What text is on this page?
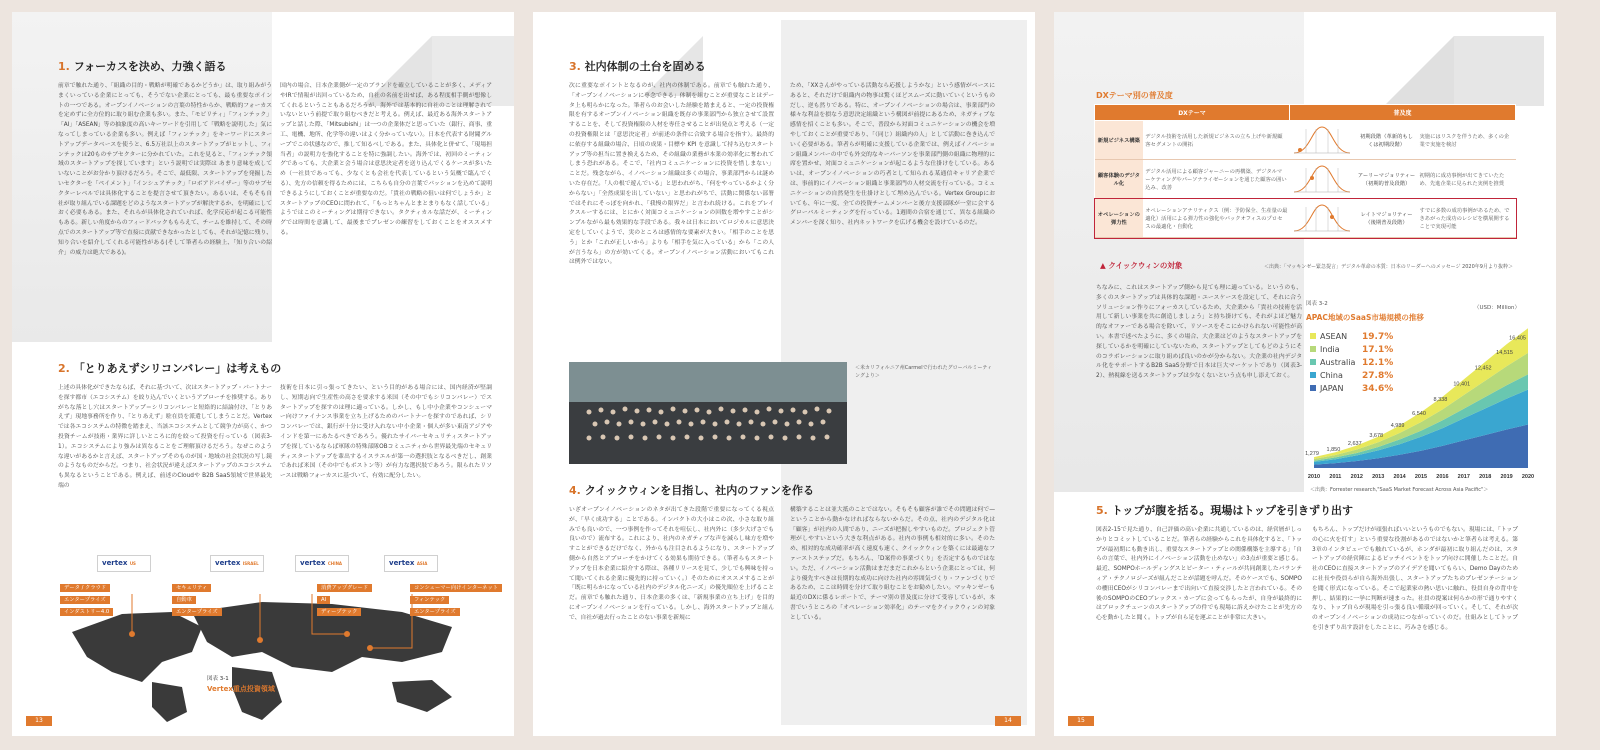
1. フォーカスを決め、力強く語る
前章で触れた通り、「組織の目的・戦略が明確であるかどうか」は、取り組みがうまくいっている企業にとっても、そうでない企業にとっても、最も重要なポイントの一つである。オープンイノベーションの言葉の特性からか、戦略的フォーカスを定めずに全方位的に取り組む企業も多い。また、「モビリティ」「フィンテック」「AI」「ASEAN」等の抽象度の高いキーワードを引用して「戦略を説明した」気になってしまっている企業も多い。例えば「フィンテック」をキーワードにスタートアップデータベースを使うと、6.5万社以上のスタートアップがヒットし、フィンテックは20ものサブセクターに分かれていた。これを見ると、「フィンテック領域のスタートアップを探しています」という説明では実際は あまり意味を成していないことがお分かり頂けるだろう。そこで、最低限、スタートアップを発掘したいセクターを「ペイメント」「インシュアテック」「ロボアドバイザー」等のサブセクターレベルでは具体化することを提言させて頂きたい。あるいは、そもそも自社が取り組んでいる課題をどのようなスタートアップが解決するか、を明確にしておく必要もある。また、それらが具体化されていれば、化学反応が起こる可能性もある。新しい角度からのフィードバックももらえて、チームを維持して、その時点でのスタートアップ等で直接に貢献できなかったとしても、それが記憶に残り、知り合いを紹介してくれる可能性がある(そして筆者らの経験上、「知り合いの紹介」の威力は絶大である)。
国内の場合、日本企業側が一定のブランドを確立していることが多く、メディアやIRで情報が出回っているため、自社の名前を出せば、ある程度相手側が想像してくれるということもあるだろうが、海外では基本的に自社のことは理解されていないという前提で取り組むべきだと考える。例えば、最近ある海外スタートアップと話した際、「Mitsubishi」は一つの企業体だと思っていた（銀行、商事、重工、電機、地所、化学等の違いはよく分かっていない）。日本を代表する財閥グループでこの状態なので、推して知るべしである。また、具体化と併せて、「現場担当者」の説明力を強化することを特に強調したい。海外では、初回のミーティングであっても、大企業と会う場合は意思決定者を送り込んでくるケースが多いため（一社員であっても、少なくとも会社を代表しているという気概で臨んでくる）、先方の信頼を得るためには、こちらも自分の言葉でパッションを込めて説明できるようにしておくことが重要なのだ。「貴社の戦略の狙いは何でしょうか」とスタートアップのCEOに問われて、「もっとちゃんとまとまりもなく話している」ようではこのミーティングは期待できない。タクティカルな話だが、ミーティングでは時間を意識して、最後までプレゼンの練習をしておくことをオススメする。
2. 「とりあえずシリコンバレー」は考えもの
上述の具体化ができたならば、それに基づいて、次はスタートアップ・パートナーを探す都市（エコシステム）を絞り込んでいくというアプローチを推奨する。ありがちな落とし穴はスタートアップ＝シリコンバレーと短絡的に結論付け、「とりあえず」現地事務所を作り、「とりあえず」駐在員を派遣してしまうことだ。Vertexでは各エコシステムの特徴を踏まえ、当該エコシステムとして競争力が高く、かつ投資チームが技術・業界に詳しいところに的を絞って投資を行っている（図表3-1）。エコシステムにより強みは異なることをご理解頂けるだろう。なぜこのような違いがあるかと言えば、スタートアップそのものが国・地域の社会状況の写し鏡のようなものだからだ。つまり、社会状況が違えばスタートアップのエコシステムも異なるということである。例えば、前述のCloudや B2B SaaS領域で世界最先端の
技術を日本に引っ張ってきたい、という目的がある場合には、国内経済が堅調し、短期志向で生産性の高さを要求する米国（その中でもシリコンバレー）でスタートアップを探すのは理に適っている。しかし、もし中小企業やコンシューマー向けファイナンス事業を立ち上げるためのパートナーを探すのであれば、シリコンバレーでは、銀行が十分に受け入れない中小企業・個人が多い東南アジアやインドを第一にあたるべきであろう。優れたサイバーセキュリティスタートアップを探しているならば軍隊の特殊部隊OBコミュニティから世界最先端のセキュリティスタートアップを輩出するイスラエルが第一の選択肢となるべきだし、創業であれば米国（その中でもボストン等）が有力な選択肢であろう。限られたリソースは戦略フォーカスに基づいて、有効に配分したい。
vertex US	vertex ISRAEL	vertex CHINA	vertex ASIA
データ / クラウド
エンタープライズ
インダストリー4.0
セキュリティ
自動車
エンタープライズ
消費アップグレード
AI
ディープテック
コンシューマー向けインターネット
フィンテック
エンタープライズ
図表 3-1
Vertex重点投資領域
13
3. 社内体制の土台を固める
次に重要なポイントとなるのが、社内の体制である。前章でも触れた通り、「オープンイノベーションに専念できる」体制を組むことが重要なことはデータ上も明らかになった。筆者らのお会いした経験を踏まえると、一定の投資権限を有するオープンイノベーション組織を既存の事業部門から独立させて設置することを、そして投資権限の人材を専任させることが出発点と考える（一定の投資権限とは「意思決定者」が前述の条件に合致する場合を指す）。最終的に依存する組織の場合、日頃の成果・目標や KPI を意識して持ち込むスタートアップ等の担当に置き換えるため、その組織の業務が本業の効率化に奪われてしまう恐れがある。そこで、「社内コミュニケーションに投資を惜しまない」ことだ。残念ながら、イノベーション組織は多くの場合、事業部門からは謎めいた存在だ。「人の根で遊んでいる」と思われがち、「何をやっているかよく分からない」「全然成果を出していない」と思われがちで、活動に関係ない部署ではそれにそっぽを向かれ、「我慢の限界だ」と言われ続ける。これをブレイクスルーするには、とにかく対面コミュニケーションの回数を増やすことがシンプルながら最も効果的な手段である。我々は日本においてロジカルに意思決定をしていくようで、実のところは感情的な要素が大きい。「相手のことを思う」とか「これが正しいから」よりも「相手を気に入っている」から「この人が言うなら」の方が効いてくる。オープンイノベーション活動においてもこれは例外ではない。
ため、「XXさんがやっている活動なら応援しようかな」という感情がベースにあると、それだけで組織内の物事は驚くほどスムーズに動いていくというものだし、逆も然りである。特に、オープンイノベーションの場合は、事業部門の様々な利益を損なう意思決定組織という構図が前提にあるため、ネガティブな感情を招くことも多い。そこで、普段から対面コミュニケーションの機会を増やしておくことが重要であり、「（同じ）組織内の人」として活動に巻き込んでいく必要がある。筆者らが明確に支援している企業では、例えばイノベーション組織メンバーの中でも外交的なキーパーソンを事業部門側の組織に物理的に席を置かせ、対面コミュニケーションが起こるような仕掛けをしている。あるいは、オープンイノベーションの巧者として知られる某通信キャリア企業では、事前的にイノベーション組織と事業部門の人材交流を行っている。コミュニケーションの自然発生を仕掛けとして埋め込んでいる。Vertex Groupにおいても、年に一度、全ての投資チームメンバーと後方支援部隊が一堂に会するグローバルミーティングを行っている。1週間の合宿を通じて、異なる組織のメンバーを深く知り、社内ネットワークを広げる機会を設けているのだ。
＜米カリフォルニア州Carmelで行われたグローバルミーティングより＞
4. クイックウィンを目指し、社内のファンを作る
いざオープンイノベーションのネタが出てきた段階で重要になってくる視点が、「早く成功する」ことである。インパクトの大小はこの次、小さな取り組みでも良いので、一つ事例を作ってそれを喧伝し、社内外に（多少大げさでも良いので）流布する。これにより、社内のネガティブな声を減らし味方を増やすことができるだけでなく、外からも注目されるようになり、スタートアップ側から自然とアプローチをかけてくる効果も期待できる。（筆者らもスタートアップを日本企業に紹介する際は、各種リリースを見て、少しでも興味を持って聞いてくれる企業に優先的に持っていく。）そのためにオススメすることが「既に明らかになっている社内のデジタル化ニーズ」の優先順位を上げることだ。前章でも触れた通り、日本企業の多くは、「新規事業の立ち上げ」を目的にオープンイノベーションを行っている。しかし、海外スタートアップと組んで、自社が過去行ったことのない事業を新規に
構築することは並大抵のことではない。そもそも顧客が誰でその問題は何で—ということから動かなければならないからだ。その点、社内のデジタル化は「顧客」が社内の人間であり、ニーズが把握しやすいものだ。プロジェクト管理がしやすいという大きな利点がある。社内の事例も相対的に多い。そのため、相対的な成功確率が高く速度も速く、クイックウィンを築くには最適なファーストステップだ。もちろん、「D案件の事業づくり」を否定するものではない。ただ、イノベーション活動はまだまだこれからという企業にとっては、何より優先すべきは長期的な成功に向けた社内の雰囲気づくり・ファンづくりであるため、ここは時間を分けて取り組むことをお勧めしたい。マッキンゼーも最近のDXに係るレポートで、テーマ別の普及度に分けて受容しているが、本書でいうところの「オペレーション効率化」のテーマをクイックウィンの対象としている。
14
DXテーマ別の普及度
DXテーマ		普及度		
新規ビジネス構築	デジタル技術を活用した新規ビジネスの立ち上げや新規顧客セグメントの開拓		初期段階（革新的もしくは初期段階）	実施にはリスクを伴うため、多くの企業で実施を検討
顧客体験のデジタル化	デジタル活用による顧客ジャーニーの再構築、デジタルマーケティングやパーソナライゼーションを通じた顧客の囲い込み、改善		アーリーマジョリティー（初期的普及段階）	初期的に成功事例が出てきていたため、先進企業に見られた実例を推奨
オペレーションの弾力性	オペレーションアナリティクス（例：予防保全、生産量の最適化）活用による弾力性の強化やバックオフィスのプロセスの最適化・自動化		レイトマジョリティー（後期普及段階）	すでに多数の成功事例があるため、できあがった成功のレシピを横展開することで実現可能
▲ クイックウィンの対象	＜出典：「マッキンゼー緊急提言」デジタル革命の本質：日本のリーダーへのメッセージ 2020年9月より抜粋＞
ちなみに、これはスタートアップ側から見ても理に適っている。というのも、多くのスタートアップは具体的な課題・ユースケースを設定して、それに合うソリューション作りにフォーカスしているため、大企業から「貴社の技術を活用して新しい事業を共に創造しましょう」と持ち掛けても、それがよほど魅力的なオファーである場合を除いて、リソースをそこにかけられない可能性が高い。本書で述べたように、多くの場合、大企業はどのようなスタートアップを探しているかを明確にしていないため、スタートアップとしてもどのようにそのコラボレーションに取り組めば良いのかが分からない。大企業の社内デジタル化をサポートするB2B SaaS分野で日本は巨大マーケットであり（図表3-2）、熱視線を送るスタートアップは少なくないという点も申し添えておく。
図表 3-2
（USD：Million）
APAC地域のSaaS市場規模の推移
1,279
1,850
2,637
3,678
4,989
6,540
8,338
10,401
12,452
14,515
16,405
2010 2011 2012 2013 2014 2015 2016 2017 2018 2019 2020
ASEAN 19.7%
India 17.1%
Australia 12.1%
China 27.8%
JAPAN 34.6%
＜出典：Forrester research,"SaaS Market Forecast Across Asia Pacific"＞
5. トップが腹を括る。現場はトップを引きずり出す
図表2-15で見た通り、自己評価の高い企業に共通しているのは、経営層がしっかりとコミットしていることだ。筆者らの経験からこれを具体化すると、「トップが最初期にも動き出し、重要なスタートアップとの関係構築を主導する」「自らの言葉で、社内外にイノベーション活動を止めない」の3点が重要と感じる。最近、SOMPOホールディングスとピーター・ティールが共同創業したパランティア・テクノロジーズが組んだことが話題を呼んだ。そのケースでも、SOMPOの櫻田CEOがシリコンバレーまで出向いて直接交渉したと言われている。その後のSOMPOのCEOブレックス・カープに会ってもらったが、自身が最終的にはブロックチェーンのスタートアップの件でも現場に訴えかけたことが先方の心を動かしたと聞く。トップが自ら足を運ぶことが非常に大きい。
もちろん、トップだけが頑張ればいいというものでもない。現場には、「トップの心に火を灯す」という重要な役割があるのではないかと筆者らは考える。第3章のインタビューでも触れているが、ホンダが最初に取り組んだのは、スタートアップの経営陣によるピッチイベントをトップ向けに開催したことだ。自社のCEOに直接スタートアップのアイデアを聞いてもらい、Demo Dayのために社長や役員らが自ら海外出張し、スタートアップたちのプレゼンテーションを聞く形式になっている。そこで起業家の熱い思いに触れ、役員自身の背中を押し、結果的に一挙に判断が速まった。社員の提案は何らかの形で通りやすくなり、トップ自らが現場を引っ張る良い循環が回っていく。そして、それが次のオープンイノベーションの成功につながっていくのだ。仕組みとしてトップを引きずり出す設計をしたことに、巧みさを感じる。
15
